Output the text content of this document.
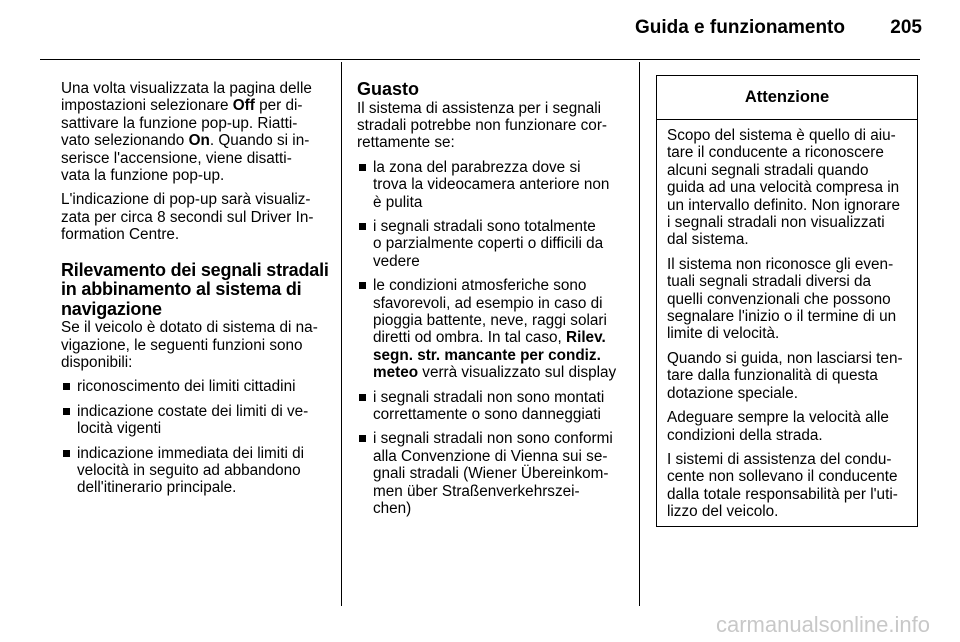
Guida e funzionamento	205

Una volta visualizzata la pagina delle
impostazioni selezionare Off per di-
sattivare la funzione pop-up. Riatti-
vato selezionando On. Quando si in-
serisce l'accensione, viene disatti-
vata la funzione pop-up.

L'indicazione di pop-up sarà visualiz-
zata per circa 8 secondi sul Driver In-
formation Centre.

Rilevamento dei segnali stradali
in abbinamento al sistema di
navigazione

Se il veicolo è dotato di sistema di na-
vigazione, le seguenti funzioni sono
disponibili:

riconoscimento dei limiti cittadini
indicazione costate dei limiti di ve-
locità vigenti
indicazione immediata dei limiti di
velocità in seguito ad abbandono
dell'itinerario principale.
Guasto

Il sistema di assistenza per i segnali
stradali potrebbe non funzionare cor-
rettamente se:

la zona del parabrezza dove si
trova la videocamera anteriore non
è pulita
i segnali stradali sono totalmente
o parzialmente coperti o difficili da
vedere
le condizioni atmosferiche sono
sfavorevoli, ad esempio in caso di
pioggia battente, neve, raggi solari
diretti od ombra. In tal caso, Rilev.
segn. str. mancante per condiz.
meteo verrà visualizzato sul display
i segnali stradali non sono montati
correttamente o sono danneggiati
i segnali stradali non sono conformi
alla Convenzione di Vienna sui se-
gnali stradali (Wiener Übereinkom-
men über Straßenverkehrszei-
chen)
Attenzione

Scopo del sistema è quello di aiu-
tare il conducente a riconoscere
alcuni segnali stradali quando
guida ad una velocità compresa in
un intervallo definito. Non ignorare
i segnali stradali non visualizzati
dal sistema.

Il sistema non riconosce gli even-
tuali segnali stradali diversi da
quelli convenzionali che possono
segnalare l'inizio o il termine di un
limite di velocità.

Quando si guida, non lasciarsi ten-
tare dalla funzionalità di questa
dotazione speciale.

Adeguare sempre la velocità alle
condizioni della strada.

I sistemi di assistenza del condu-
cente non sollevano il conducente
dalla totale responsabilità per l'uti-
lizzo del veicolo.

carmanualsonline.info
